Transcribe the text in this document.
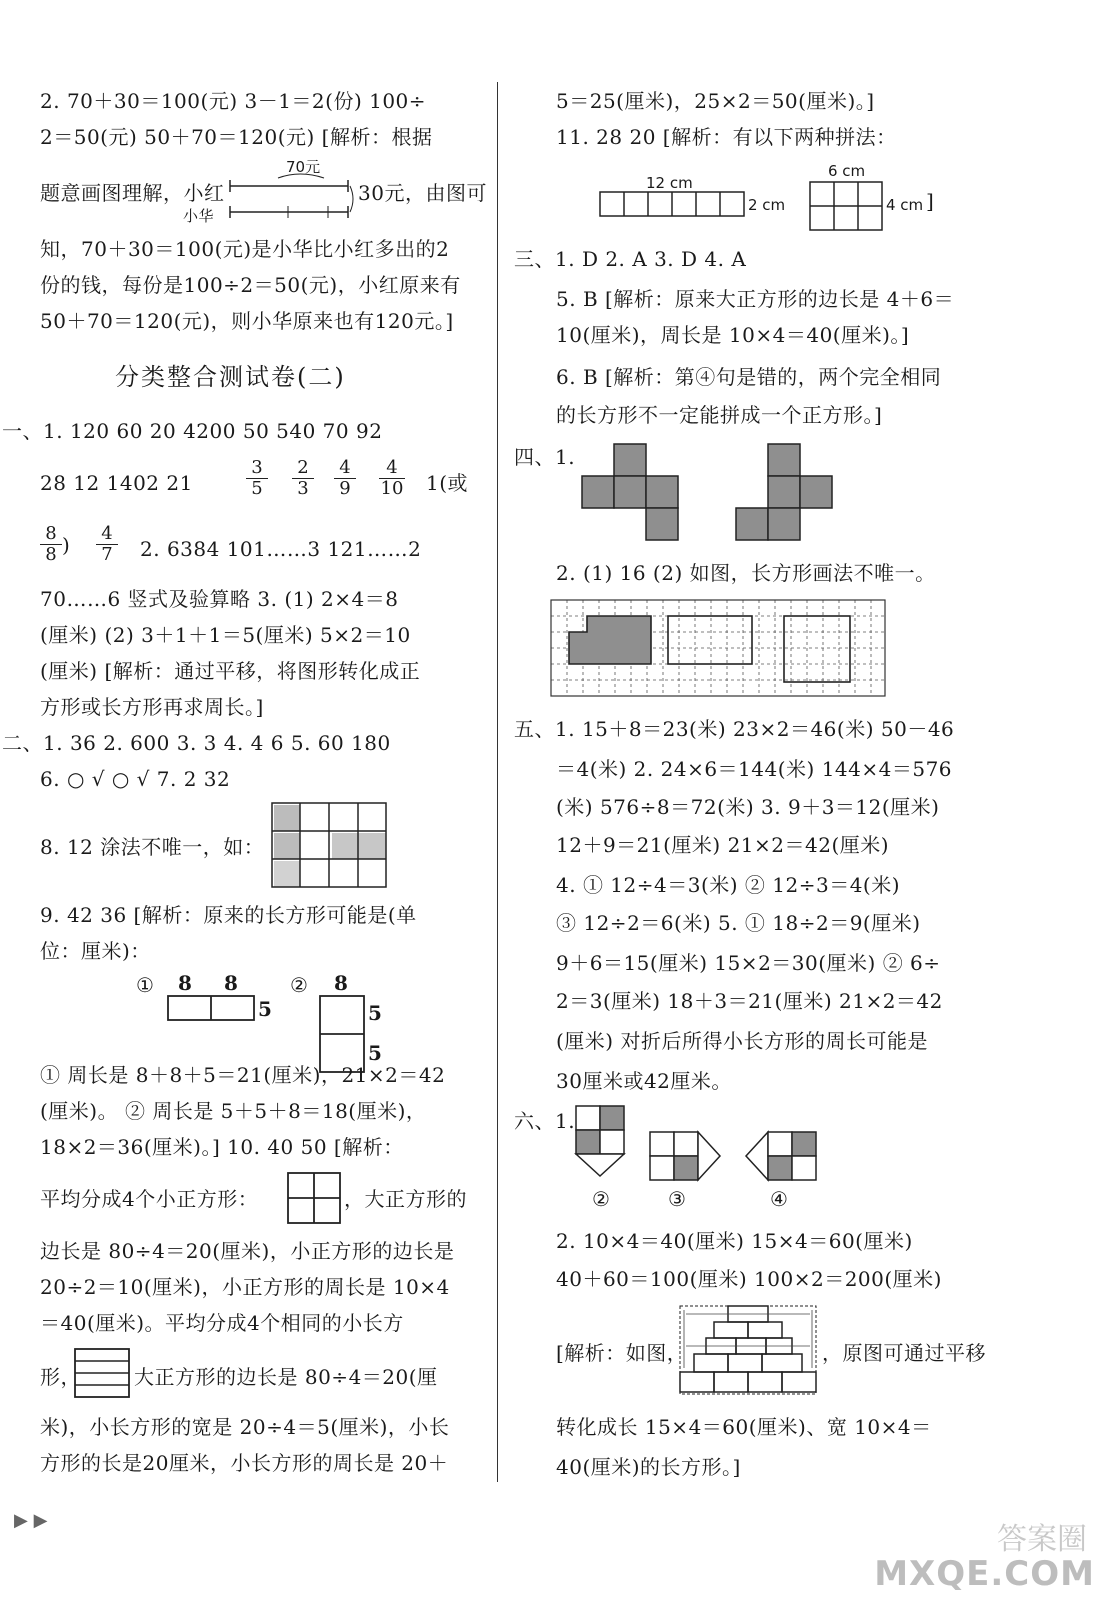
2. 70＋30＝100(元) 3－1＝2(份) 100÷
2＝50(元) 50＋70＝120(元) [解析：根据
题意画图理解，小红	30元，由图可
70元
小华
知，70＋30＝100(元)是小华比小红多出的2
份的钱，每份是100÷2＝50(元)，小红原来有
50＋70＝120(元)，则小华原来也有120元。]
分类整合测试卷(二)
一、1. 120 60 20 4200 50 540 70 92
28 12 1402 21	$\frac{3}{5} \frac{2}{3} \frac{4}{9} \frac{4}{10} 1$(或
$\frac{8}{8}$ ) $\frac{4}{7} 2$. 6384 101……3 121……2
70……6 竖式及验算略 3. (1) 2×4＝8
(厘米) (2) 3＋1＋1＝5(厘米) 5×2＝10
(厘米) [解析：通过平移，将图形转化成正
方形或长方形再求周长。]
二、1. 36 2. 600 3. 3 4. 4 6 5. 60 180
6. ○ √ ○ √ 7. 2 32
8. 12 涂法不唯一，如：
9. 42 36 [解析：原来的长方形可能是(单
位：厘米)：
① 8 8
5
② 8
5
5
① 周长是 8＋8＋5＝21(厘米)，21×2＝42
(厘米)。 ② 周长是 5＋5＋8＝18(厘米)，
18×2＝36(厘米)。] 10. 40 50 [解析：
平均分成4个小正方形：	，大正方形的
边长是 80÷4＝20(厘米)，小正方形的边长是
20÷2＝10(厘米)，小正方形的周长是 10×4
＝40(厘米)。平均分成4个相同的小长方
形，	大正方形的边长是 80÷4＝20(厘
米)，小长方形的宽是 20÷4＝5(厘米)，小长
方形的长是20厘米，小长方形的周长是 20＋
5＝25(厘米)，25×2＝50(厘米)。]
11. 28 20 [解析：有以下两种拼法：
12 cm
2 cm
6 cm
4 cm ]
三、1. D 2. A 3. D 4. A
5. B [解析：原来大正方形的边长是 4＋6＝
10(厘米)，周长是 10×4＝40(厘米)。]
6. B [解析：第④句是错的，两个完全相同
的长方形不一定能拼成一个正方形。]
四、1.
2. (1) 16 (2) 如图，长方形画法不唯一。
五、1. 15＋8＝23(米) 23×2＝46(米) 50－46
＝4(米) 2. 24×6＝144(米) 144×4＝576
(米) 576÷8＝72(米) 3. 9＋3＝12(厘米)
12＋9＝21(厘米) 21×2＝42(厘米)
4. ① 12÷4＝3(米) ② 12÷3＝4(米)
③ 12÷2＝6(米) 5. ① 18÷2＝9(厘米)
9＋6＝15(厘米) 15×2＝30(厘米) ② 6÷
2＝3(厘米) 18＋3＝21(厘米) 21×2＝42
(厘米) 对折后所得小长方形的周长可能是
30厘米或42厘米。
六、1.
②	③	④
2. 10×4＝40(厘米) 15×4＝60(厘米)
40＋60＝100(厘米) 100×2＝200(厘米)
[解析：如图，	，原图可通过平移
转化成长 15×4＝60(厘米)、宽 10×4＝
40(厘米)的长方形。]
▶ ▶
答案圈
MXQE.COM
